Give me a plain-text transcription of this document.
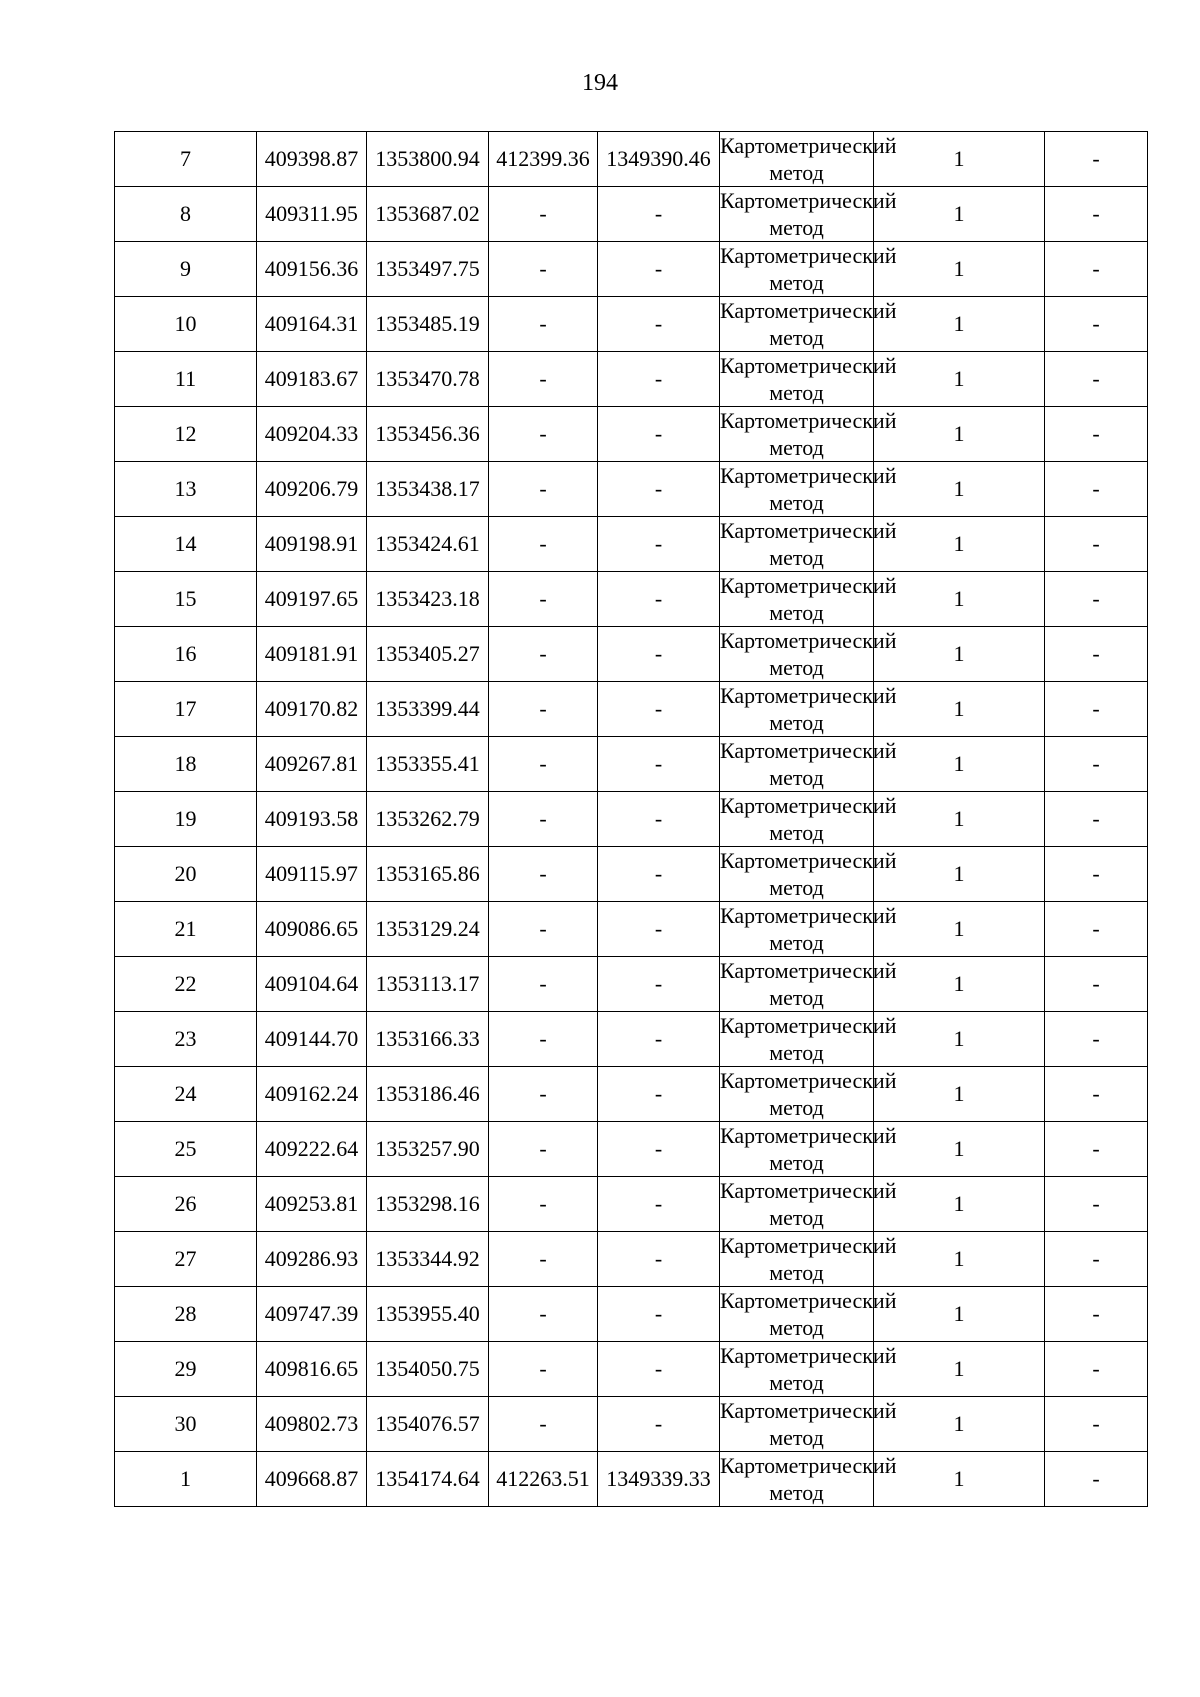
194
7	409398.87	1353800.94	412399.36	1349390.46	Картометрический метод	1	-
8	409311.95	1353687.02	-	-	Картометрический метод	1	-
9	409156.36	1353497.75	-	-	Картометрический метод	1	-
10	409164.31	1353485.19	-	-	Картометрический метод	1	-
11	409183.67	1353470.78	-	-	Картометрический метод	1	-
12	409204.33	1353456.36	-	-	Картометрический метод	1	-
13	409206.79	1353438.17	-	-	Картометрический метод	1	-
14	409198.91	1353424.61	-	-	Картометрический метод	1	-
15	409197.65	1353423.18	-	-	Картометрический метод	1	-
16	409181.91	1353405.27	-	-	Картометрический метод	1	-
17	409170.82	1353399.44	-	-	Картометрический метод	1	-
18	409267.81	1353355.41	-	-	Картометрический метод	1	-
19	409193.58	1353262.79	-	-	Картометрический метод	1	-
20	409115.97	1353165.86	-	-	Картометрический метод	1	-
21	409086.65	1353129.24	-	-	Картометрический метод	1	-
22	409104.64	1353113.17	-	-	Картометрический метод	1	-
23	409144.70	1353166.33	-	-	Картометрический метод	1	-
24	409162.24	1353186.46	-	-	Картометрический метод	1	-
25	409222.64	1353257.90	-	-	Картометрический метод	1	-
26	409253.81	1353298.16	-	-	Картометрический метод	1	-
27	409286.93	1353344.92	-	-	Картометрический метод	1	-
28	409747.39	1353955.40	-	-	Картометрический метод	1	-
29	409816.65	1354050.75	-	-	Картометрический метод	1	-
30	409802.73	1354076.57	-	-	Картометрический метод	1	-
1	409668.87	1354174.64	412263.51	1349339.33	Картометрический метод	1	-
